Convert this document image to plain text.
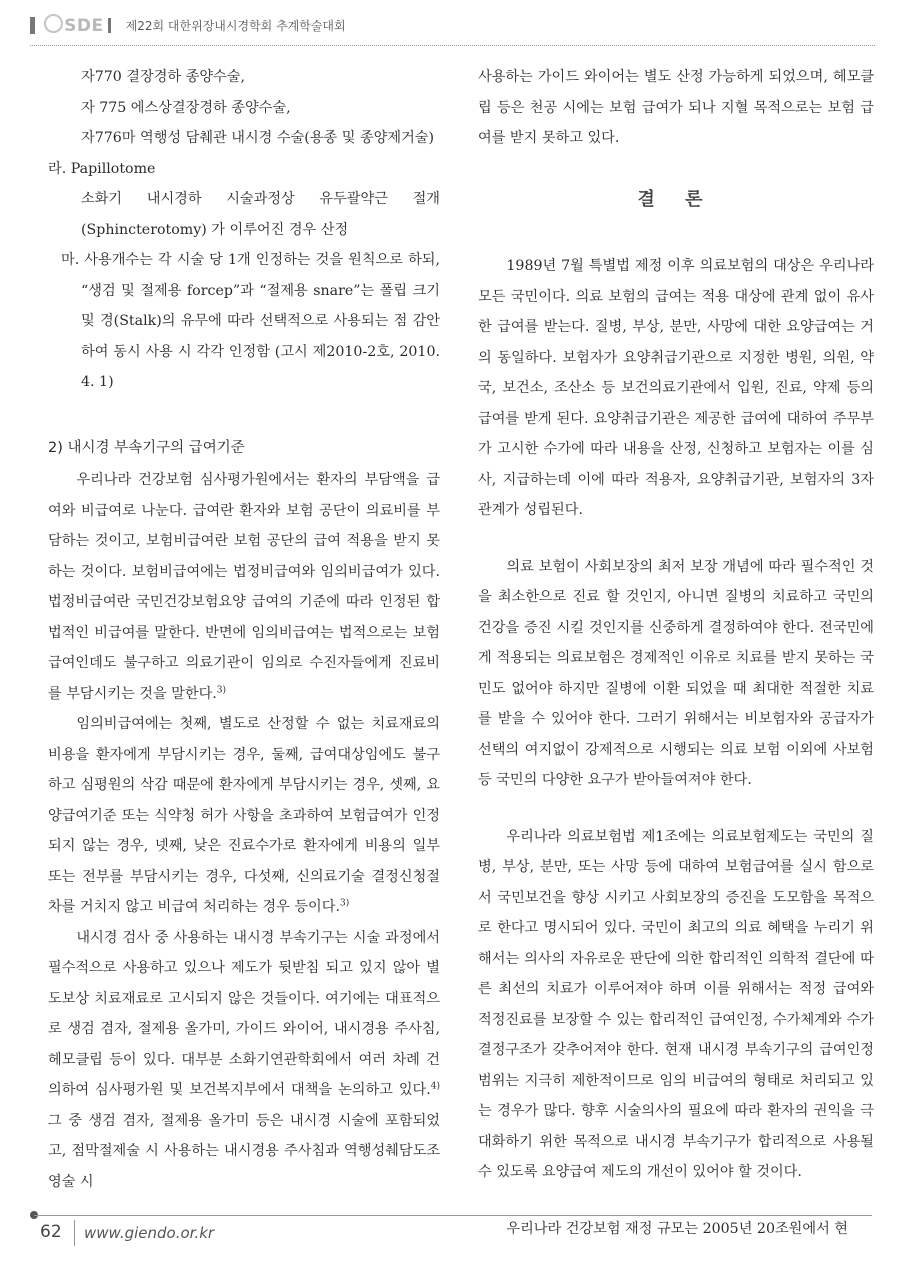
SDE 제22회 대한위장내시경학회 추계학술대회

자770 결장경하 종양수술,

자 775 에스상결장경하 종양수술,

자776마 역행성 담췌관 내시경 수술(용종 및 종양제거술)

라. Papillotome

소화기 내시경하 시술과정상 유두괄약근 절개(Sphincterotomy) 가 이루어진 경우 산정

마. 사용개수는 각 시술 당 1개 인정하는 것을 원칙으로 하되, “생검 및 절제용 forcep”과 “절제용 snare”는 폴립 크기 및 경(Stalk)의 유무에 따라 선택적으로 사용되는 점 감안하여 동시 사용 시 각각 인정함 (고시 제2010-2호, 2010. 4. 1)

2) 내시경 부속기구의 급여기준

우리나라 건강보험 심사평가원에서는 환자의 부담액을 급여와 비급여로 나눈다. 급여란 환자와 보험 공단이 의료비를 부담하는 것이고, 보험비급여란 보험 공단의 급여 적용을 받지 못하는 것이다. 보험비급여에는 법정비급여와 임의비급여가 있다. 법정비급여란 국민건강보험요양 급여의 기준에 따라 인정된 합법적인 비급여를 말한다. 반면에 임의비급여는 법적으로는 보험급여인데도 불구하고 의료기관이 임의로 수진자들에게 진료비를 부담시키는 것을 말한다.$^{3)}$

임의비급여에는 첫째, 별도로 산정할 수 없는 치료재료의 비용을 환자에게 부담시키는 경우, 둘째, 급여대상임에도 불구하고 심평원의 삭감 때문에 환자에게 부담시키는 경우, 셋째, 요양급여기준 또는 식약청 허가 사항을 초과하여 보험급여가 인정되지 않는 경우, 넷째, 낮은 진료수가로 환자에게 비용의 일부 또는 전부를 부담시키는 경우, 다섯째, 신의료기술 결정신청절차를 거치지 않고 비급여 처리하는 경우 등이다.$^{3)}$

내시경 검사 중 사용하는 내시경 부속기구는 시술 과정에서 필수적으로 사용하고 있으나 제도가 뒷받침 되고 있지 않아 별도보상 치료재료로 고시되지 않은 것들이다. 여기에는 대표적으로 생검 겸자, 절제용 올가미, 가이드 와이어, 내시경용 주사침, 헤모클립 등이 있다. 대부분 소화기연관학회에서 여러 차례 건의하여 심사평가원 및 보건복지부에서 대책을 논의하고 있다.$^{4)}$ 그 중 생검 겸자, 절제용 올가미 등은 내시경 시술에 포함되었고, 점막절제술 시 사용하는 내시경용 주사침과 역행성췌담도조영술 시

사용하는 가이드 와이어는 별도 산정 가능하게 되었으며, 헤모클립 등은 천공 시에는 보험 급여가 되나 지혈 목적으로는 보험 급여를 받지 못하고 있다.

결 론

1989년 7월 특별법 제정 이후 의료보험의 대상은 우리나라 모든 국민이다. 의료 보험의 급여는 적용 대상에 관계 없이 유사한 급여를 받는다. 질병, 부상, 분만, 사망에 대한 요양급여는 거의 동일하다. 보험자가 요양취급기관으로 지정한 병원, 의원, 약국, 보건소, 조산소 등 보건의료기관에서 입원, 진료, 약제 등의 급여를 받게 된다. 요양취급기관은 제공한 급여에 대하여 주무부가 고시한 수가에 따라 내용을 산정, 신청하고 보험자는 이를 심사, 지급하는데 이에 따라 적용자, 요양취급기관, 보험자의 3자 관계가 성립된다.

의료 보험이 사회보장의 최저 보장 개념에 따라 필수적인 것을 최소한으로 진료 할 것인지, 아니면 질병의 치료하고 국민의 건강을 증진 시킬 것인지를 신중하게 결정하여야 한다. 전국민에게 적용되는 의료보험은 경제적인 이유로 치료를 받지 못하는 국민도 없어야 하지만 질병에 이환 되었을 때 최대한 적절한 치료를 받을 수 있어야 한다. 그러기 위해서는 비보험자와 공급자가 선택의 여지없이 강제적으로 시행되는 의료 보험 이외에 사보험 등 국민의 다양한 요구가 받아들여져야 한다.

우리나라 의료보험법 제1조에는 의료보험제도는 국민의 질병, 부상, 분만, 또는 사망 등에 대하여 보험급여를 실시 함으로서 국민보건을 향상 시키고 사회보장의 증진을 도모함을 목적으로 한다고 명시되어 있다. 국민이 최고의 의료 혜택을 누리기 위해서는 의사의 자유로운 판단에 의한 합리적인 의학적 결단에 따른 최선의 치료가 이루어져야 하며 이를 위해서는 적정 급여와 적정진료를 보장할 수 있는 합리적인 급여인정, 수가체계와 수가 결정구조가 갖추어져야 한다. 현재 내시경 부속기구의 급여인정 범위는 지극히 제한적이므로 임의 비급여의 형태로 처리되고 있는 경우가 많다. 향후 시술의사의 필요에 따라 환자의 권익을 극대화하기 위한 목적으로 내시경 부속기구가 합리적으로 사용될 수 있도록 요양급여 제도의 개선이 있어야 할 것이다.

우리나라 건강보험 재정 규모는 2005년 20조원에서 현

62 www.giendo.or.kr
